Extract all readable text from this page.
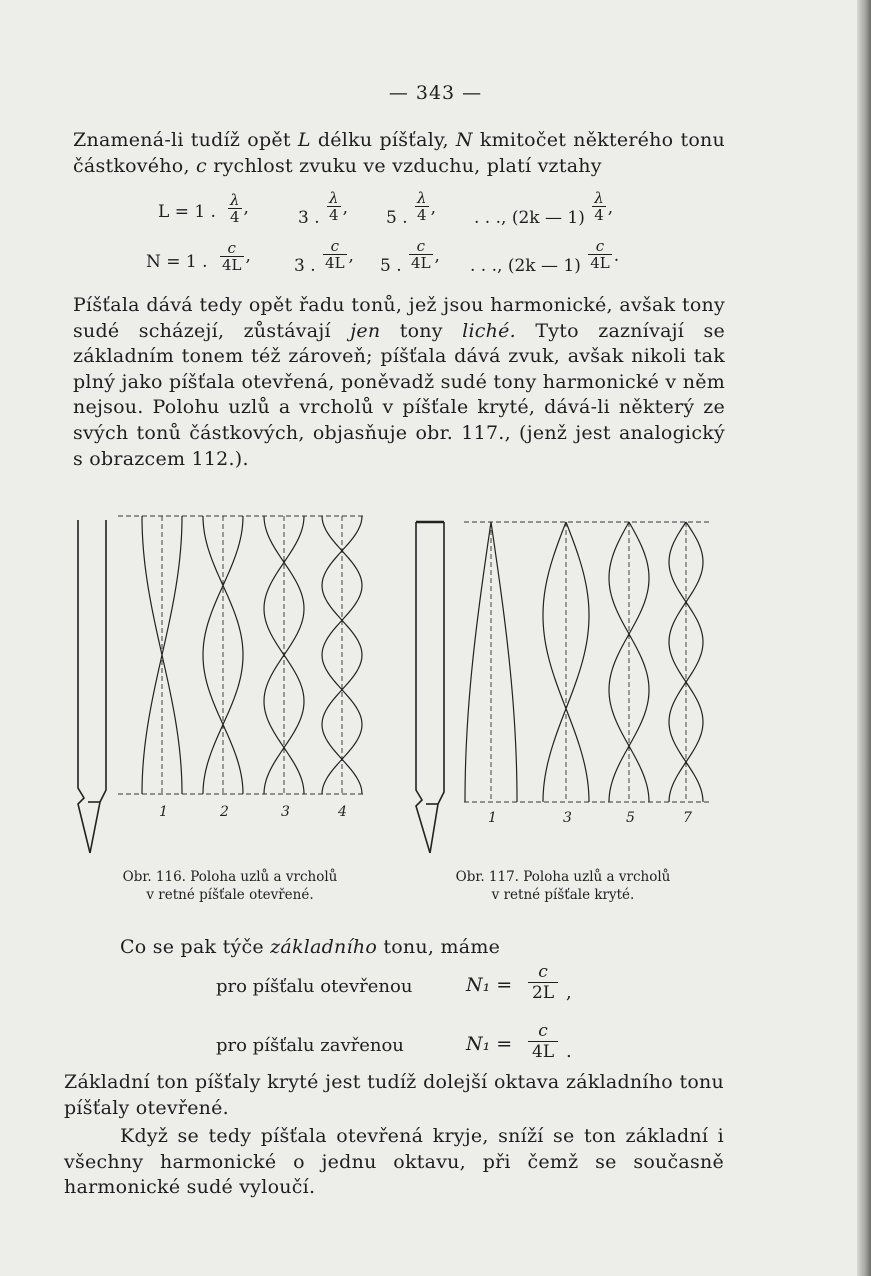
— 343 —
Znamená-li tudíž opět L délku píšťaly, N kmitočet některého tonu částkového, c rychlost zvuku ve vzduchu, platí vztahy
L = 1 . $\frac{\lambda}{4}$ ,	3 . $\frac{\lambda}{4}$ , 5 . $\frac{\lambda}{4}$ , . . ., (2k — $1) \frac{\lambda}{4}$ ,
N = 1 . $\frac{c}{4L}$ ,	3 . $\frac{c}{4L}$ , 5 . $\frac{c}{4L}$ , . . ., (2k — $1) \frac{c}{4L}$ .
Píšťala dává tedy opět řadu tonů, jež jsou harmonické, avšak tony sudé scházejí, zůstávají jen tony liché. Tyto zaznívají se základním tonem též zároveň; píšťala dává zvuk, avšak nikoli tak plný jako píšťala otevřená, poněvadž sudé tony harmonické v něm nejsou. Polohu uzlů a vrcholů v píšťale kryté, dává-li některý ze svých tonů částkových, objasňuje obr. 117., (jenž jest analogický s obrazcem 112.).
1	2	3	4	1	3	5	7
Obr. 116. Poloha uzlů a vrcholů
v retné píšťale otevřené.
Obr. 117. Poloha uzlů a vrcholů
v retné píšťale kryté.
Co se pak týče základního tonu, máme
pro píšťalu otevřenou	$N_1 = \frac{c}{2L}$ ,
pro píšťalu zavřenou	$N_1 = \frac{c}{4L}$ .
Základní ton píšťaly kryté jest tudíž dolejší oktava základního tonu píšťaly otevřené.
Když se tedy píšťala otevřená kryje, sníží se ton základní i všechny harmonické o jednu oktavu, při čemž se současně harmonické sudé vyloučí.
